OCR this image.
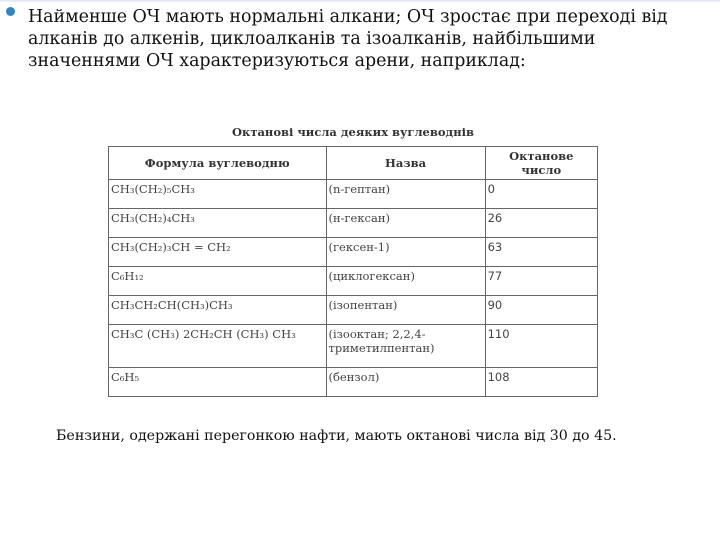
Найменше ОЧ мають нормальні алкани; ОЧ зростає при переході від алканів до алкенів, циклоалканів та ізоалканів, найбільшими значеннями ОЧ характеризуються арени, наприклад:
Октанові числа деяких вуглеводнів
Формула вуглеводню	Назва	Октанове число
CH₃(CH₂)₅CH₃	(n-гептан)	0
CH₃(CH₂)₄CH₃	(н-гексан)	26
CH₃(CH₂)₃CH = CH₂	(гексен-1)	63
C₆H₁₂	(циклогексан)	77
CH₃CH₂CH(CH₃)CH₃	(ізопентан)	90
CH₃C (CH₃) 2CH₂CH (CH₃) CH₃	(ізооктан; 2,2,4-триметилпентан)	110
C₆H₅	(бензол)	108
Бензини, одержані перегонкою нафти, мають октанові числа від 30 до 45.
